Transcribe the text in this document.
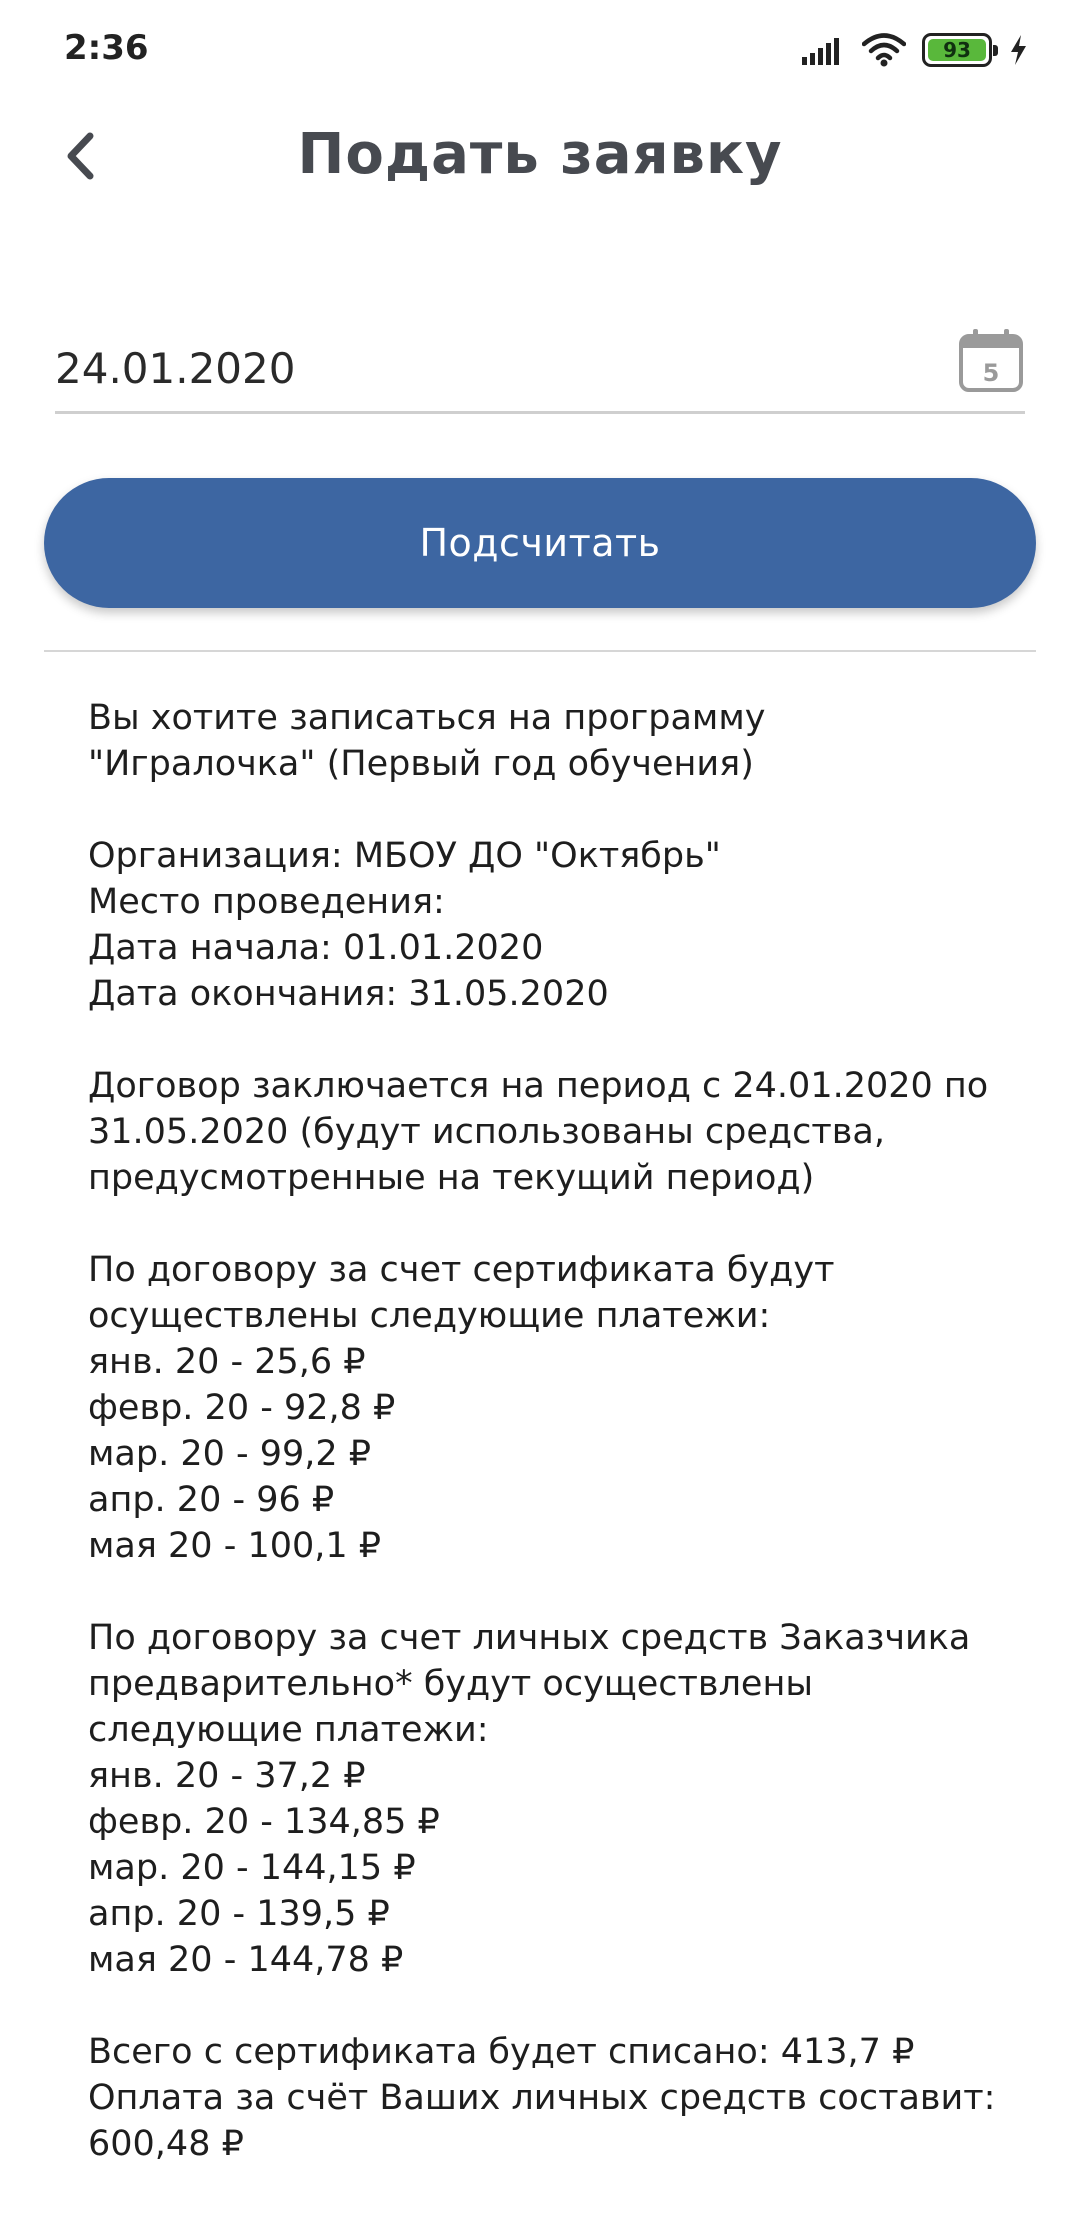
2:36	93
Подать заявку
24.01.2020	5
Подсчитать
Вы хотите записаться на программу
"Игралочка" (Первый год обучения)
Организация: МБОУ ДО "Октябрь"
Место проведения:
Дата начала: 01.01.2020
Дата окончания: 31.05.2020
Договор заключается на период с 24.01.2020 по
31.05.2020 (будут использованы средства,
предусмотренные на текущий период)
По договору за счет сертификата будут
осуществлены следующие платежи:
янв. 20 - 25,6 ₽
февр. 20 - 92,8 ₽
мар. 20 - 99,2 ₽
апр. 20 - 96 ₽
мая 20 - 100,1 ₽
По договору за счет личных средств Заказчика
предварительно* будут осуществлены
следующие платежи:
янв. 20 - 37,2 ₽
февр. 20 - 134,85 ₽
мар. 20 - 144,15 ₽
апр. 20 - 139,5 ₽
мая 20 - 144,78 ₽
Всего с сертификата будет списано: 413,7 ₽
Оплата за счёт Ваших личных средств составит:
600,48 ₽
